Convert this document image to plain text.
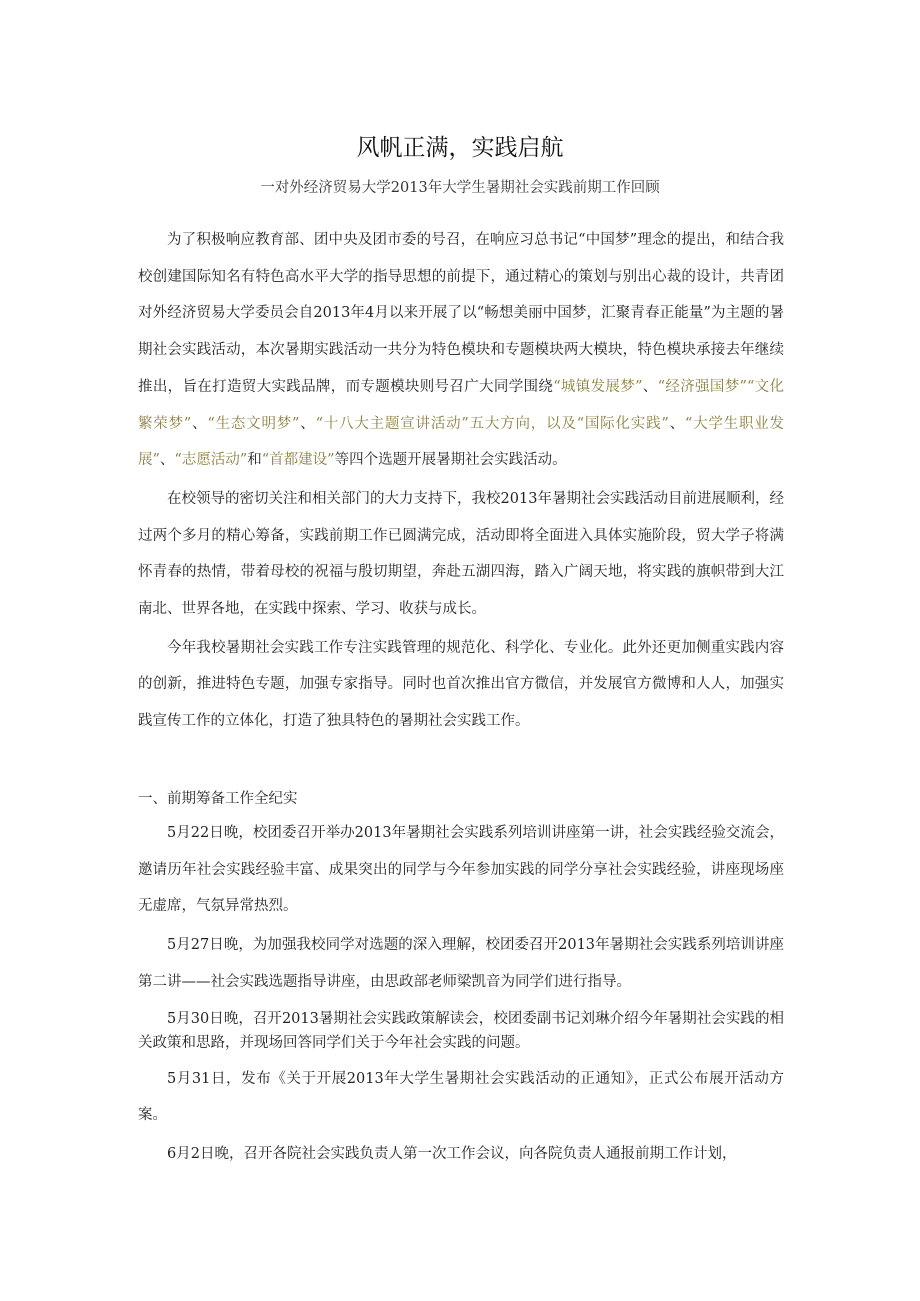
风帆正满，实践启航
一对外经济贸易大学2013年大学生暑期社会实践前期工作回顾

为了积极响应教育部、团中央及团市委的号召，在响应习总书记“中国梦”理念的提出，和结合我校创建国际知名有特色高水平大学的指导思想的前提下，通过精心的策划与别出心裁的设计，共青团对外经济贸易大学委员会自2013年4月以来开展了以“畅想美丽中国梦，汇聚青春正能量”为主题的暑期社会实践活动，本次暑期实践活动一共分为特色模块和专题模块两大模块，特色模块承接去年继续推出，旨在打造贸大实践品牌，而专题模块则号召广大同学围绕“城镇发展梦”、“经济强国梦”“文化繁荣梦”、“生态文明梦”、“十八大主题宣讲活动”五大方向，以及“国际化实践”、“大学生职业发展”、“志愿活动”和“首都建设”等四个选题开展暑期社会实践活动。

在校领导的密切关注和相关部门的大力支持下，我校2013年暑期社会实践活动目前进展顺利，经过两个多月的精心筹备，实践前期工作已圆满完成，活动即将全面进入具体实施阶段，贸大学子将满怀青春的热情，带着母校的祝福与殷切期望，奔赴五湖四海，踏入广阔天地，将实践的旗帜带到大江南北、世界各地，在实践中探索、学习、收获与成长。

今年我校暑期社会实践工作专注实践管理的规范化、科学化、专业化。此外还更加侧重实践内容的创新，推进特色专题，加强专家指导。同时也首次推出官方微信，并发展官方微博和人人，加强实践宣传工作的立体化，打造了独具特色的暑期社会实践工作。

一、前期筹备工作全纪实

5月22日晚，校团委召开举办2013年暑期社会实践系列培训讲座第一讲，社会实践经验交流会，邀请历年社会实践经验丰富、成果突出的同学与今年参加实践的同学分享社会实践经验，讲座现场座无虚席，气氛异常热烈。

5月27日晚，为加强我校同学对选题的深入理解，校团委召开2013年暑期社会实践系列培训讲座第二讲——社会实践选题指导讲座，由思政部老师梁凯音为同学们进行指导。

5月30日晚，召开2013暑期社会实践政策解读会，校团委副书记刘琳介绍今年暑期社会实践的相关政策和思路，并现场回答同学们关于今年社会实践的问题。

5月31日，发布《关于开展2013年大学生暑期社会实践活动的正通知》，正式公布展开活动方案。

6月2日晚，召开各院社会实践负责人第一次工作会议，向各院负责人通报前期工作计划，
